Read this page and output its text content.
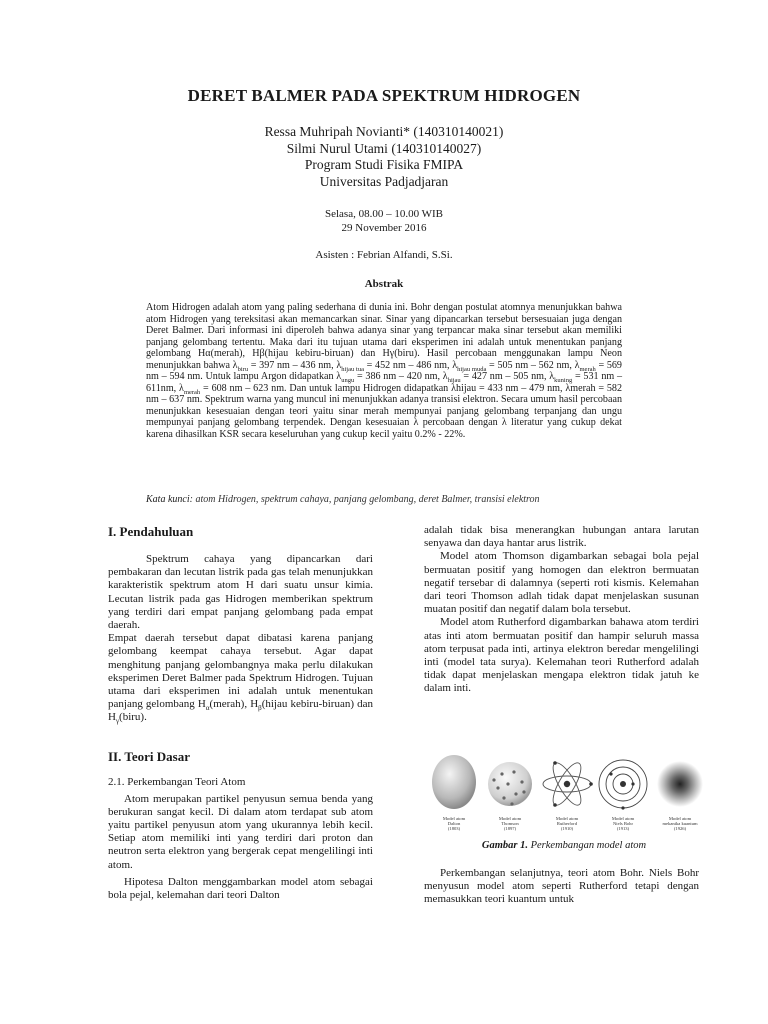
DERET BALMER PADA SPEKTRUM HIDROGEN
Ressa Muhripah Novianti* (140310140021)
Silmi Nurul Utami (140310140027)
Program Studi Fisika FMIPA
Universitas Padjadjaran
Selasa, 08.00 – 10.00 WIB
29 November 2016
Asisten : Febrian Alfandi, S.Si.
Abstrak
Atom Hidrogen adalah atom yang paling sederhana di dunia ini. Bohr dengan postulat atomnya menunjukkan bahwa atom Hidrogen yang tereksitasi akan memancarkan sinar. Sinar yang dipancarkan tersebut bersesuaian juga dengan Deret Balmer. Dari informasi ini diperoleh bahwa adanya sinar yang terpancar maka sinar tersebut akan memiliki panjang gelombang tertentu. Maka dari itu tujuan utama dari eksperimen ini adalah untuk menentukan panjang gelombang Hα(merah), Hβ(hijau kebiru-biruan) dan Hγ(biru). Hasil percobaan menggunakan lampu Neon menunjukkan bahwa $\lambda_{biru} = 397$ nm – 436 nm, $\lambda_{hijau tua} = 452$ nm – 486 nm, $\lambda_{hijau muda} = 505$ nm – 562 nm, $\lambda_{merah} = 569$ nm – 594 nm. Untuk lampu Argon didapatkan $\lambda_{ungu} = 386$ nm – 420 nm, $\lambda_{hijau} = 427$ nm – 505 nm, $\lambda_{kuning} = 531$ nm – 611nm, $\lambda_{merah} = 608$ nm – 623 nm. Dan untuk lampu Hidrogen didapatkan λhijau = 433 nm – 479 nm, λmerah = 582 nm – 637 nm. Spektrum warna yang muncul ini menunjukkan adanya transisi elektron. Secara umum hasil percobaan menunjukkan kesesuaian dengan teori yaitu sinar merah mempunyai panjang gelombang terpanjang dan ungu mempunyai panjang gelombang terpendek. Dengan kesesuaian λ percobaan dengan λ literatur yang cukup dekat karena dihasilkan KSR secara keseluruhan yang cukup kecil yaitu 0.2% - 22%.
Kata kunci: atom Hidrogen, spektrum cahaya, panjang gelombang, deret Balmer, transisi elektron
I. Pendahuluan

Spektrum cahaya yang dipancarkan dari pembakaran dan lecutan listrik pada gas telah menunjukkan karakteristik spektrum atom H dari suatu unsur kimia. Lecutan listrik pada gas Hidrogen memberikan spektrum yang terdiri dari empat panjang gelombang pada empat daerah.

Empat daerah tersebut dapat dibatasi karena panjang gelombang keempat cahaya tersebut. Agar dapat menghitung panjang gelombangnya maka perlu dilakukan eksperimen Deret Balmer pada Spektrum Hidrogen. Tujuan utama dari eksperimen ini adalah untuk menentukan panjang gelombang $H_\alpha(merah)$, $H_\beta(hijau$ kebiru-biruan) dan $H_\gamma(biru)$.

II. Teori Dasar
2.1. Perkembangan Teori Atom

Atom merupakan partikel penyusun semua benda yang berukuran sangat kecil. Di dalam atom terdapat sub atom yaitu partikel penyusun atom yang ukurannya lebih kecil. Setiap atom memiliki inti yang terdiri dari proton dan neutron serta elektron yang bergerak cepat mengelilingi inti atom.

Hipotesa Dalton menggambarkan model atom sebagai bola pejal, kelemahan dari teori Dalton

adalah tidak bisa menerangkan hubungan antara larutan senyawa dan daya hantar arus listrik.

Model atom Thomson digambarkan sebagai bola pejal bermuatan positif yang homogen dan elektron bermuatan negatif tersebar di dalamnya (seperti roti kismis. Kelemahan dari teori Thomson adlah tidak dapat menjelaskan susunan muatan positif dan negatif dalam bola tersebut.

Model atom Rutherford digambarkan bahawa atom terdiri atas inti atom bermuatan positif dan hampir seluruh massa atom terpusat pada inti, artinya elektron beredar mengelilingi inti (model tata surya). Kelemahan teori Rutherford adalah tidak dapat menjelaskan mengapa elektron tidak jatuh ke dalam inti.

Model atom
Dalton
(1803)
Model atom
Thomson
(1897)
Model atom
Rutherford
(1910)
Model atom
Niels Bohr
(1913)
Model atom
mekanika kuantum
(1926)
Gambar 1. Perkembangan model atom

Perkembangan selanjutnya, teori atom Bohr. Niels Bohr menyusun model atom seperti Rutherford tetapi dengan memasukkan teori kuantum untuk
